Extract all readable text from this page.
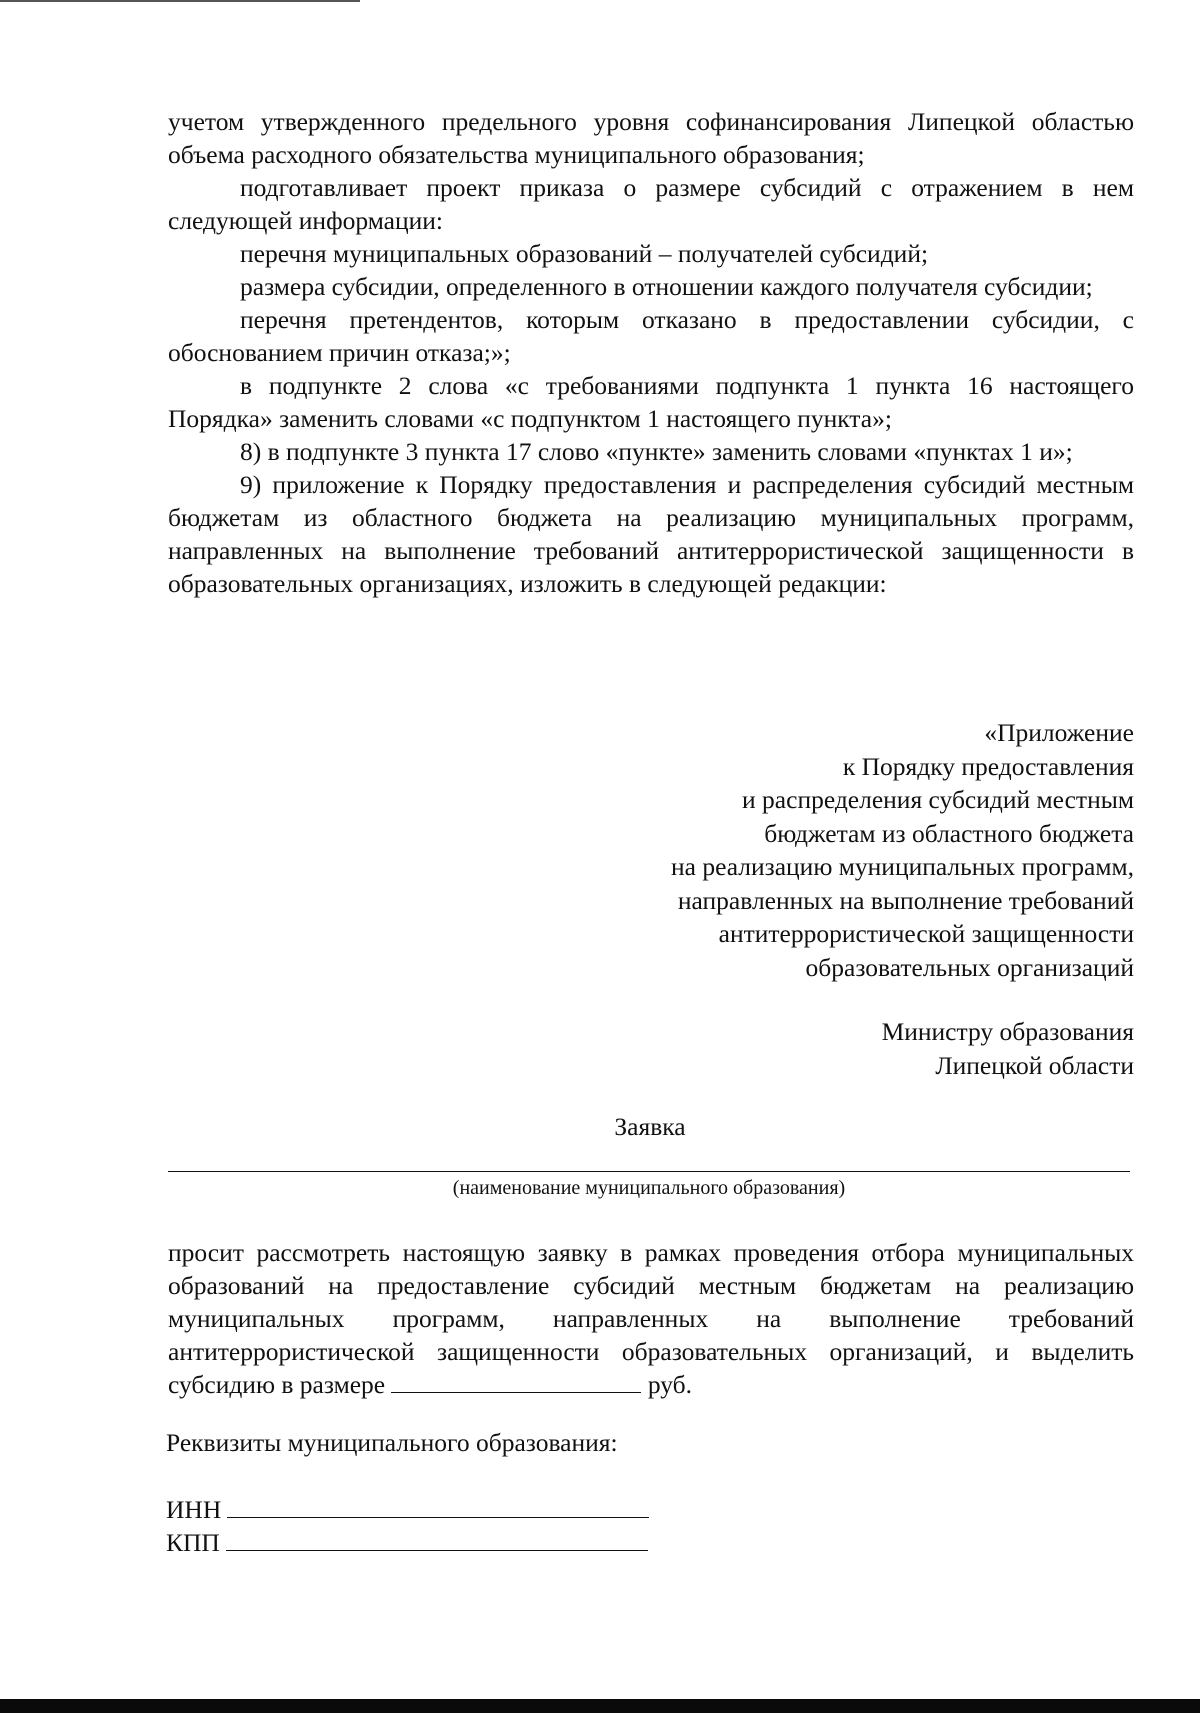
учетом утвержденного предельного уровня софинансирования Липецкой областью объема расходного обязательства муниципального образования;

подготавливает проект приказа о размере субсидий с отражением в нем следующей информации:

перечня муниципальных образований – получателей субсидий;

размера субсидии, определенного в отношении каждого получателя субсидии;

перечня претендентов, которым отказано в предоставлении субсидии, с обоснованием причин отказа;»;

в подпункте 2 слова «с требованиями подпункта 1 пункта 16 настоящего Порядка» заменить словами «с подпунктом 1 настоящего пункта»;

8) в подпункте 3 пункта 17 слово «пункте» заменить словами «пунктах 1 и»;

9) приложение к Порядку предоставления и распределения субсидий местным бюджетам из областного бюджета на реализацию муниципальных программ, направленных на выполнение требований антитеррористической защищенности в образовательных организациях, изложить в следующей редакции:

«Приложение
к Порядку предоставления
и распределения субсидий местным
бюджетам из областного бюджета
на реализацию муниципальных программ,
направленных на выполнение требований
антитеррористической защищенности
образовательных организаций
Министру образования
Липецкой области
Заявка
(наименование муниципального образования)

просит рассмотреть настоящую заявку в рамках проведения отбора муниципальных образований на предоставление субсидий местным бюджетам на реализацию муниципальных программ, направленных на выполнение требований антитеррористической защищенности образовательных организаций, и выделить субсидию в размере	руб.

Реквизиты муниципального образования:
ИНН
КПП
